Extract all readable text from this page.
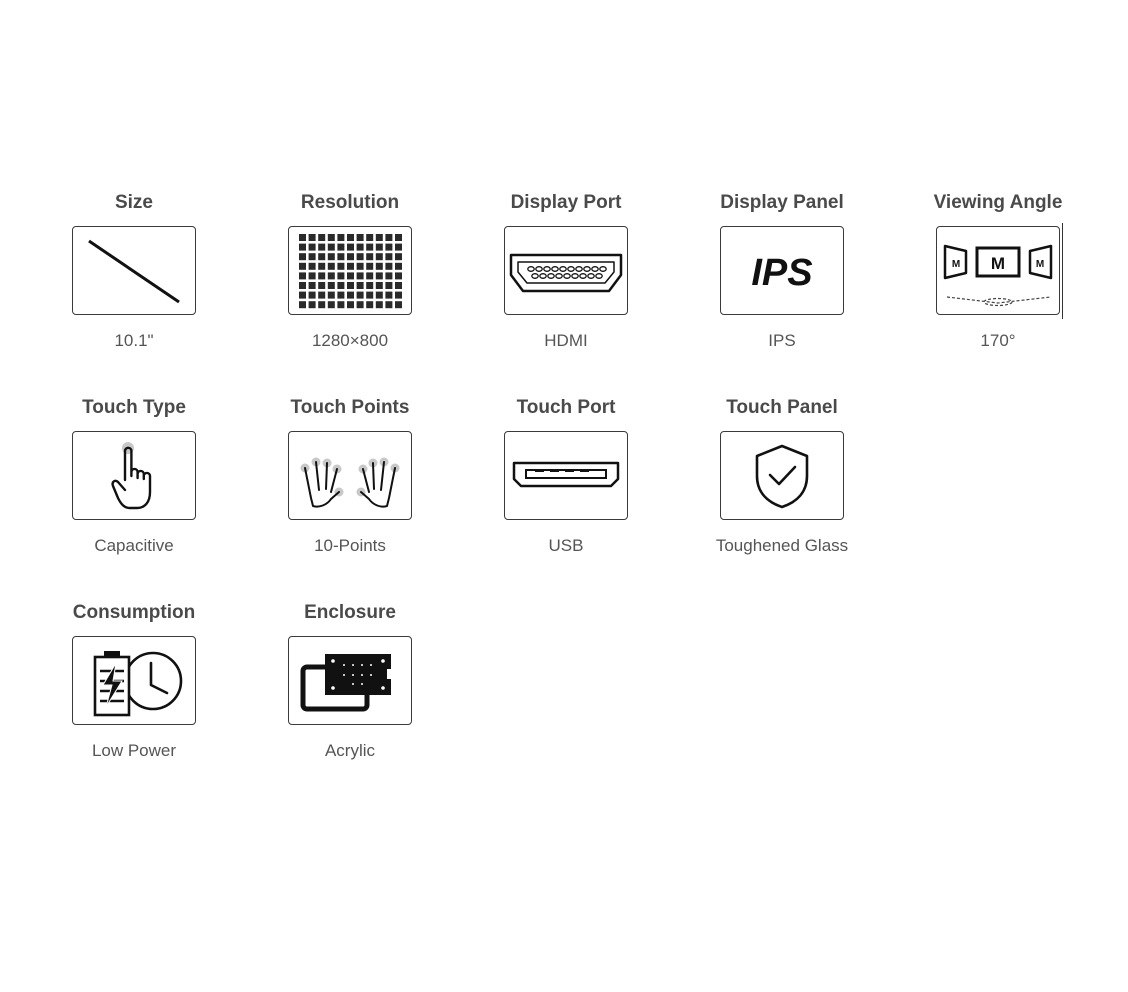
Size
10.1"
Resolution
1280×800
Display Port
HDMI
Display Panel
IPS
IPS
Viewing Angle
M M	M
170°
Touch Type
Capacitive
Touch Points
10-Points
Touch Port
USB
Touch Panel
Toughened Glass
Consumption
Low Power
Enclosure
Acrylic
